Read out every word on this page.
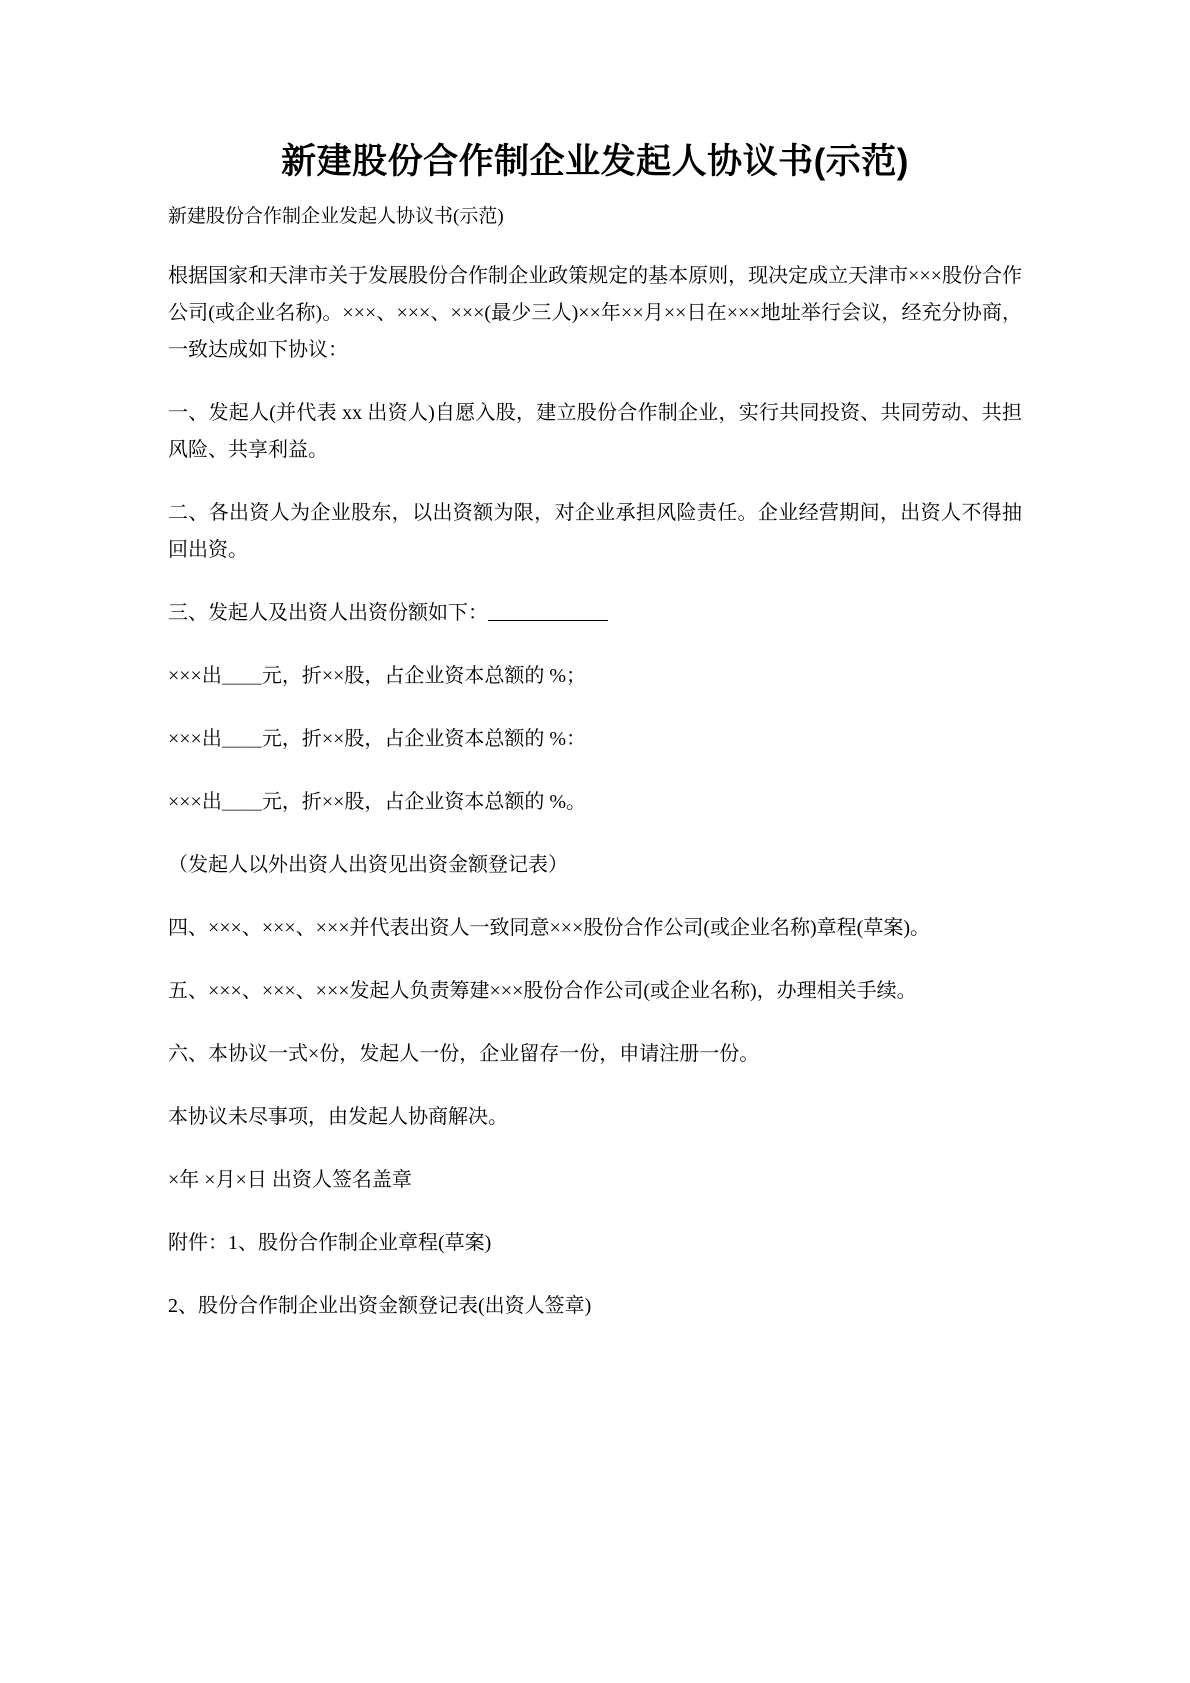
新建股份合作制企业发起人协议书(示范)
新建股份合作制企业发起人协议书(示范)

根据国家和天津市关于发展股份合作制企业政策规定的基本原则，现决定成立天津市×××股份合作公司(或企业名称)。×××、×××、×××(最少三人)××年××月××日在×××地址举行会议，经充分协商，一致达成如下协议：

一、发起人(并代表 xx 出资人)自愿入股，建立股份合作制企业，实行共同投资、共同劳动、共担风险、共享利益。

二、各出资人为企业股东，以出资额为限，对企业承担风险责任。企业经营期间，出资人不得抽回出资。

三、发起人及出资人出资份额如下：

×××出＿＿元，折××股，占企业资本总额的 %；

×××出＿＿元，折××股，占企业资本总额的 %：

×××出＿＿元，折××股，占企业资本总额的 %。

（发起人以外出资人出资见出资金额登记表）

四、×××、×××、×××并代表出资人一致同意×××股份合作公司(或企业名称)章程(草案)。

五、×××、×××、×××发起人负责筹建×××股份合作公司(或企业名称)，办理相关手续。

六、本协议一式×份，发起人一份，企业留存一份，申请注册一份。

本协议未尽事项，由发起人协商解决。

×年 ×月×日 出资人签名盖章

附件：1、股份合作制企业章程(草案)

2、股份合作制企业出资金额登记表(出资人签章)
